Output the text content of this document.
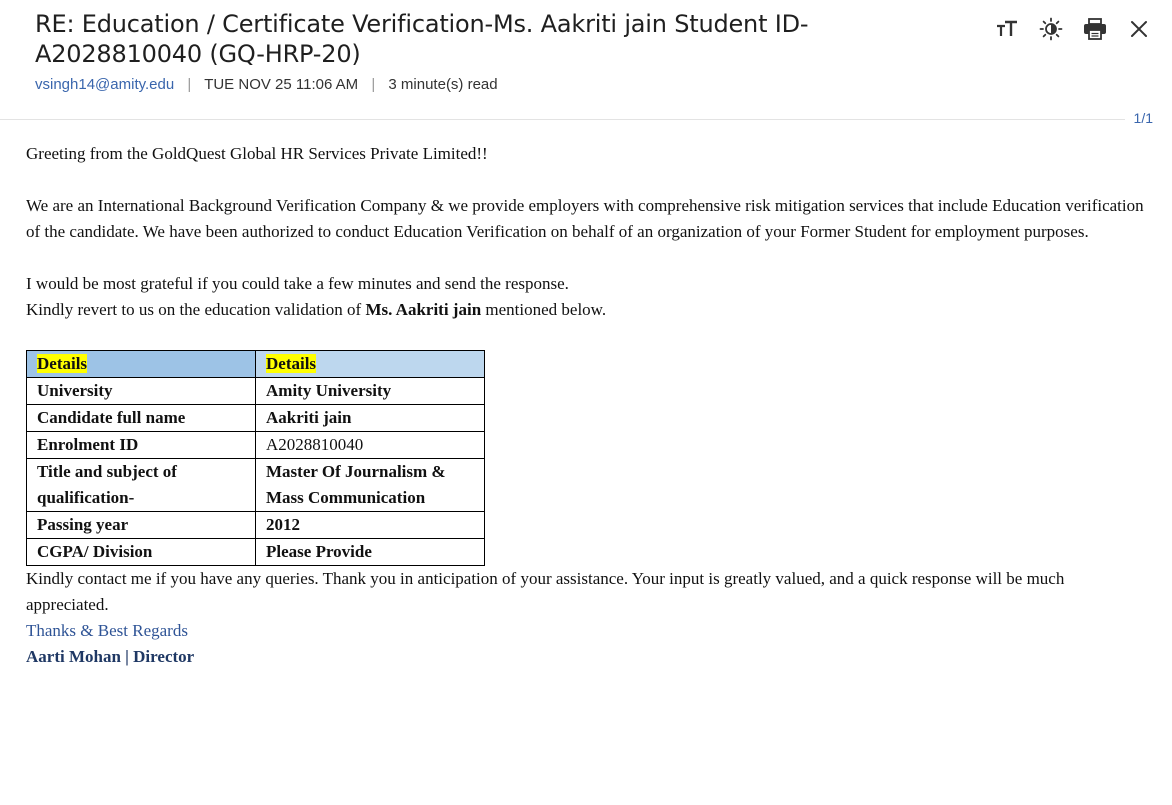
RE: Education / Certificate Verification-Ms. Aakriti jain Student ID-A2028810040 (GQ-HRP-20)
vsingh14@amity.edu | TUE NOV 25 11:06 AM | 3 minute(s) read
1/1

Greeting from the GoldQuest Global HR Services Private Limited!!

We are an International Background Verification Company & we provide employers with comprehensive risk mitigation services that include Education verification of the candidate. We have been authorized to conduct Education Verification on behalf of an organization of your Former Student for employment purposes.

I would be most grateful if you could take a few minutes and send the response.

Kindly revert to us on the education validation of Ms. Aakriti jain mentioned below.

Details	Details
University	Amity University
Candidate full name	Aakriti jain
Enrolment ID	A2028810040
Title and subject of qualification-	Master Of Journalism & Mass Communication
Passing year	2012
CGPA/ Division	Please Provide

Kindly contact me if you have any queries. Thank you in anticipation of your assistance. Your input is greatly valued, and a quick response will be much appreciated.

Thanks & Best Regards

Aarti Mohan | Director
